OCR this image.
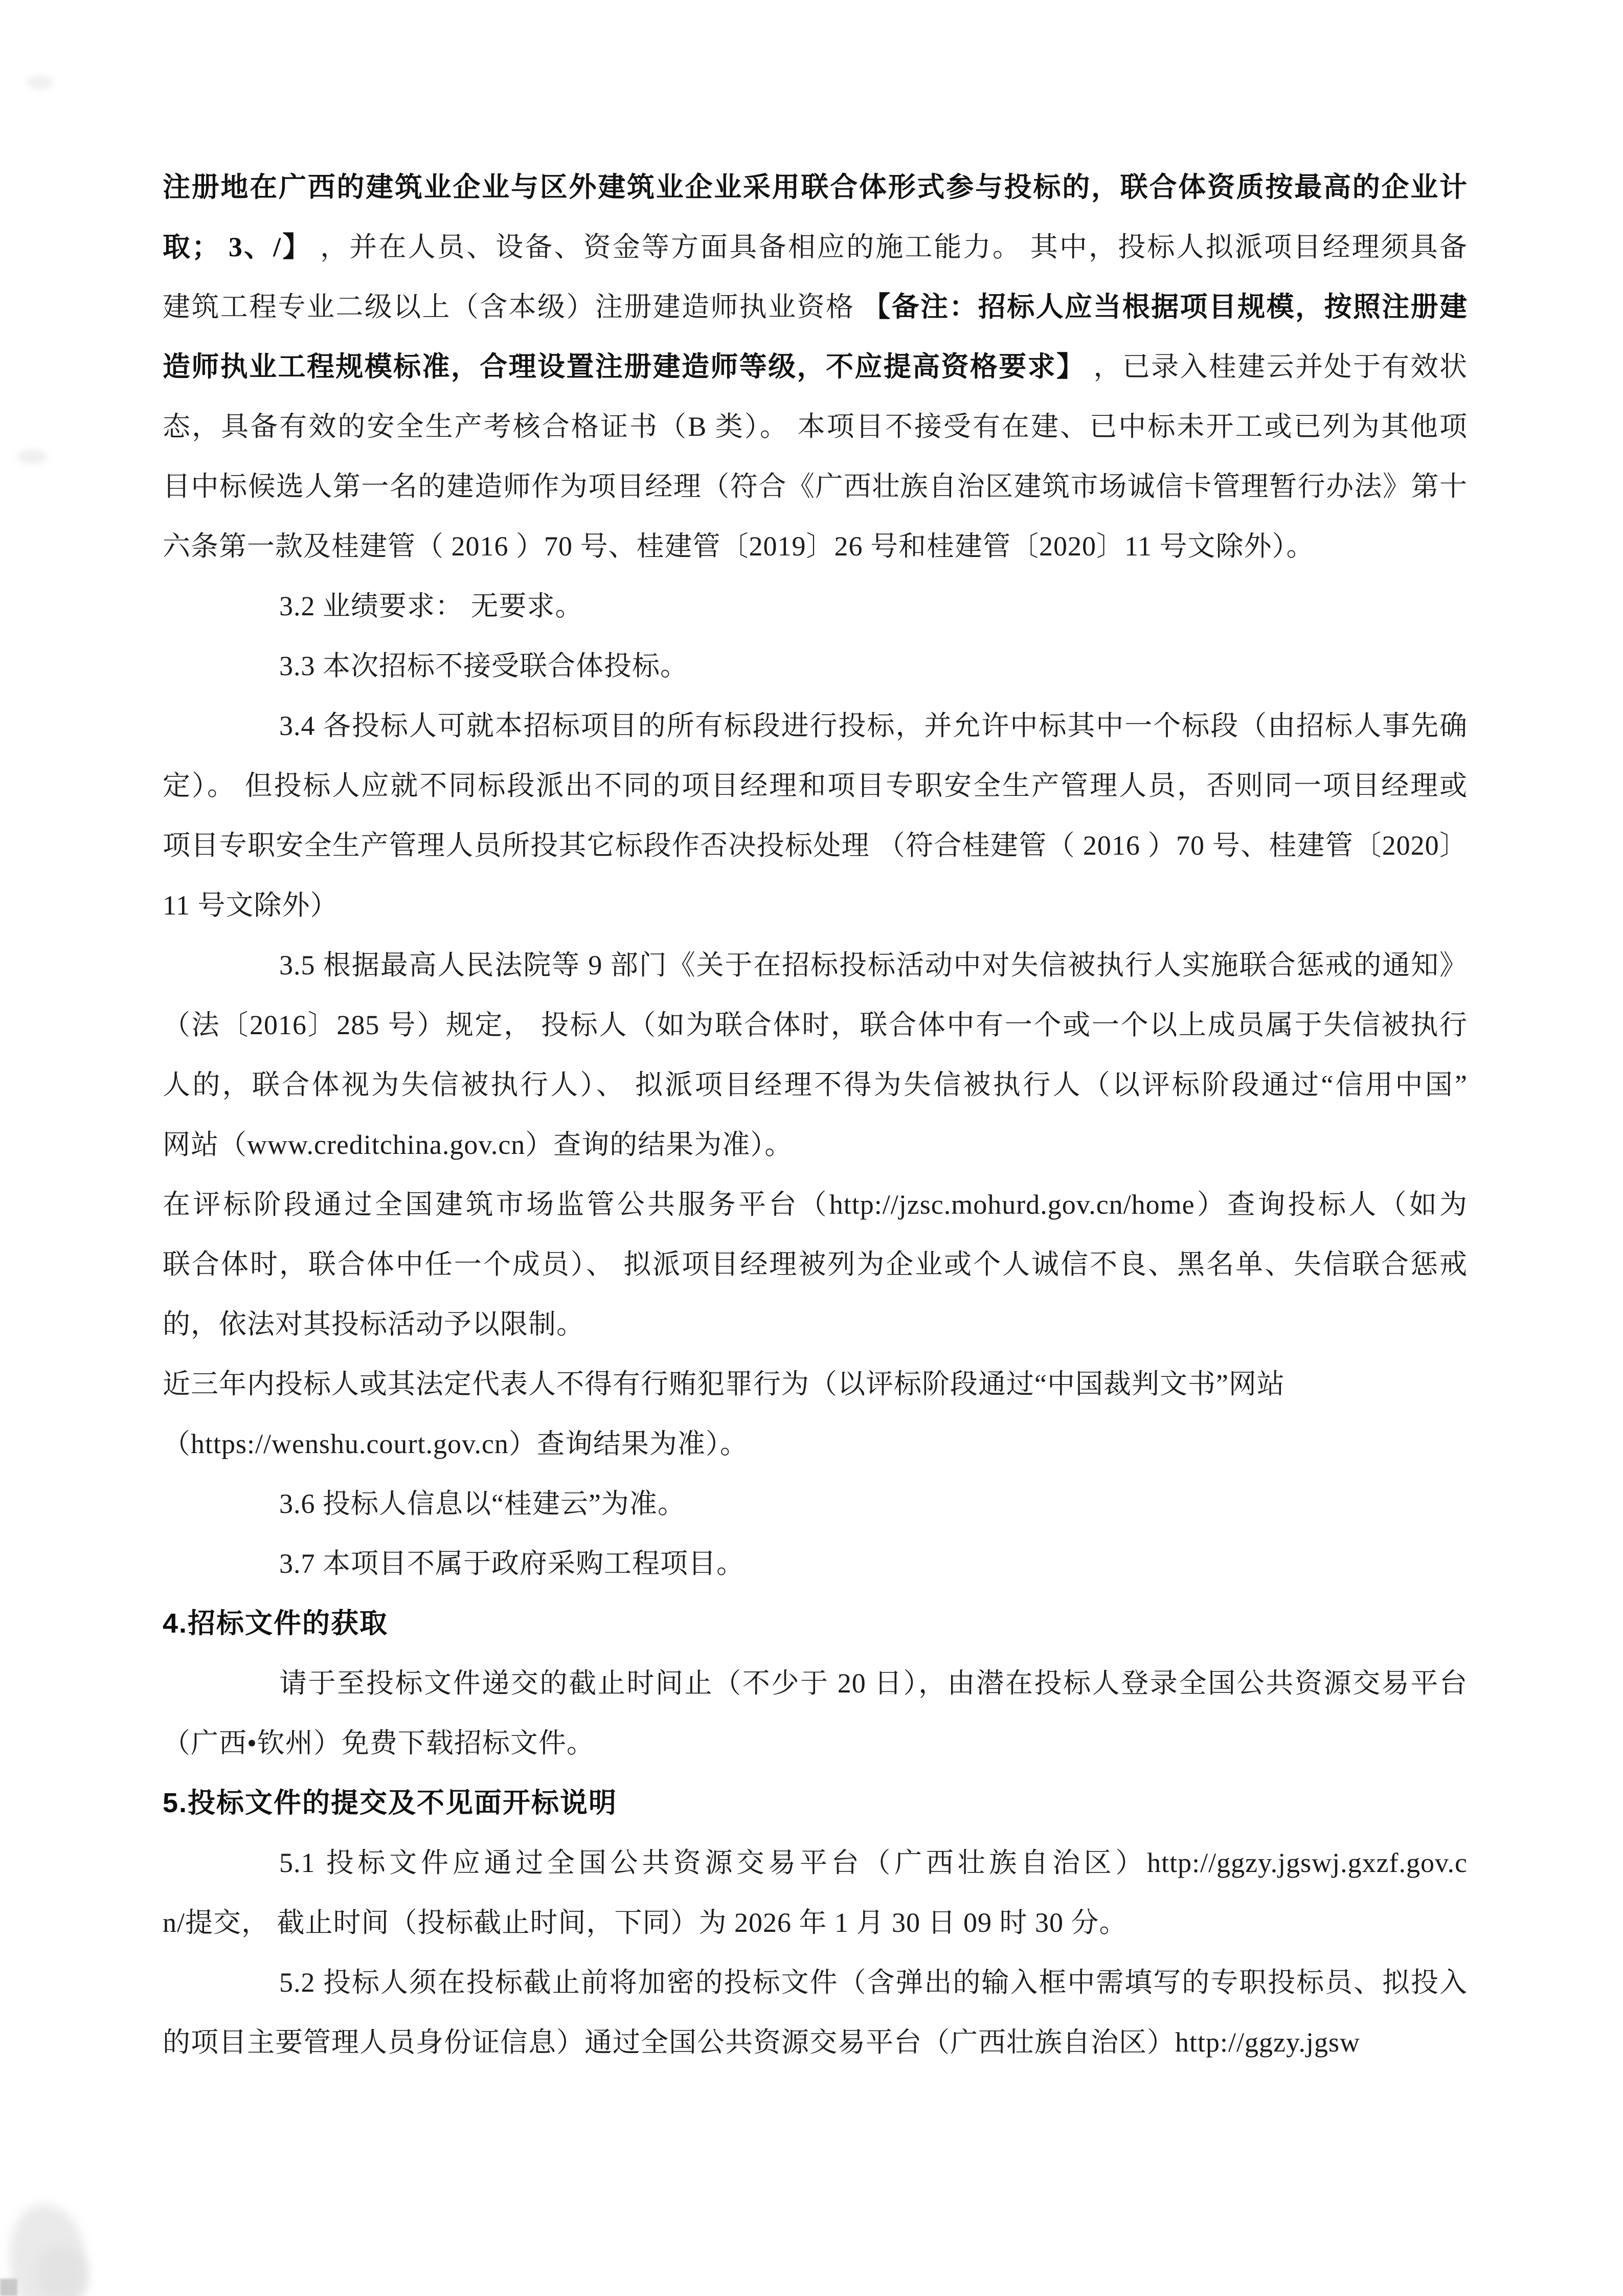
注册地在广西的建筑业企业与区外建筑业企业采用联合体形式参与投标的，联合体资质按最高的企业计
取； 3、/】 ，并在人员、设备、资金等方面具备相应的施工能力。 其中，投标人拟派项目经理须具备
建筑工程专业二级以上（含本级）注册建造师执业资格 【备注：招标人应当根据项目规模，按照注册建
造师执业工程规模标准，合理设置注册建造师等级，不应提高资格要求】 ，已录入桂建云并处于有效状
态，具备有效的安全生产考核合格证书（B 类）。 本项目不接受有在建、已中标未开工或已列为其他项
目中标候选人第一名的建造师作为项目经理（符合《广西壮族自治区建筑市场诚信卡管理暂行办法》第十
六条第一款及桂建管（ 2016 ）70 号、桂建管〔2019〕26 号和桂建管〔2020〕11 号文除外）。
3.2 业绩要求： 无要求。
3.3 本次招标不接受联合体投标。
3.4 各投标人可就本招标项目的所有标段进行投标，并允许中标其中一个标段（由招标人事先确
定）。 但投标人应就不同标段派出不同的项目经理和项目专职安全生产管理人员，否则同一项目经理或
项目专职安全生产管理人员所投其它标段作否决投标处理 （符合桂建管（ 2016 ）70 号、桂建管〔2020〕
11 号文除外）
3.5 根据最高人民法院等 9 部门《关于在招标投标活动中对失信被执行人实施联合惩戒的通知》
（法〔2016〕285 号）规定， 投标人（如为联合体时，联合体中有一个或一个以上成员属于失信被执行
人的，联合体视为失信被执行人）、 拟派项目经理不得为失信被执行人（以评标阶段通过“信用中国”
网站（www.creditchina.gov.cn）查询的结果为准）。
在评标阶段通过全国建筑市场监管公共服务平台（http://jzsc.mohurd.gov.cn/home）查询投标人（如为
联合体时，联合体中任一个成员）、 拟派项目经理被列为企业或个人诚信不良、黑名单、失信联合惩戒
的，依法对其投标活动予以限制。
近三年内投标人或其法定代表人不得有行贿犯罪行为（以评标阶段通过“中国裁判文书”网站
（https://wenshu.court.gov.cn）查询结果为准）。
3.6 投标人信息以“桂建云”为准。
3.7 本项目不属于政府采购工程项目。
4.招标文件的获取
请于至投标文件递交的截止时间止（不少于 20 日），由潜在投标人登录全国公共资源交易平台
（广西•钦州）免费下载招标文件。
5.投标文件的提交及不见面开标说明
5.1 投标文件应通过全国公共资源交易平台（广西壮族自治区）http://ggzy.jgswj.gxzf.gov.c
n/提交， 截止时间（投标截止时间，下同）为 2026 年 1 月 30 日 09 时 30 分。
5.2 投标人须在投标截止前将加密的投标文件（含弹出的输入框中需填写的专职投标员、拟投入
的项目主要管理人员身份证信息）通过全国公共资源交易平台（广西壮族自治区）http://ggzy.jgsw
